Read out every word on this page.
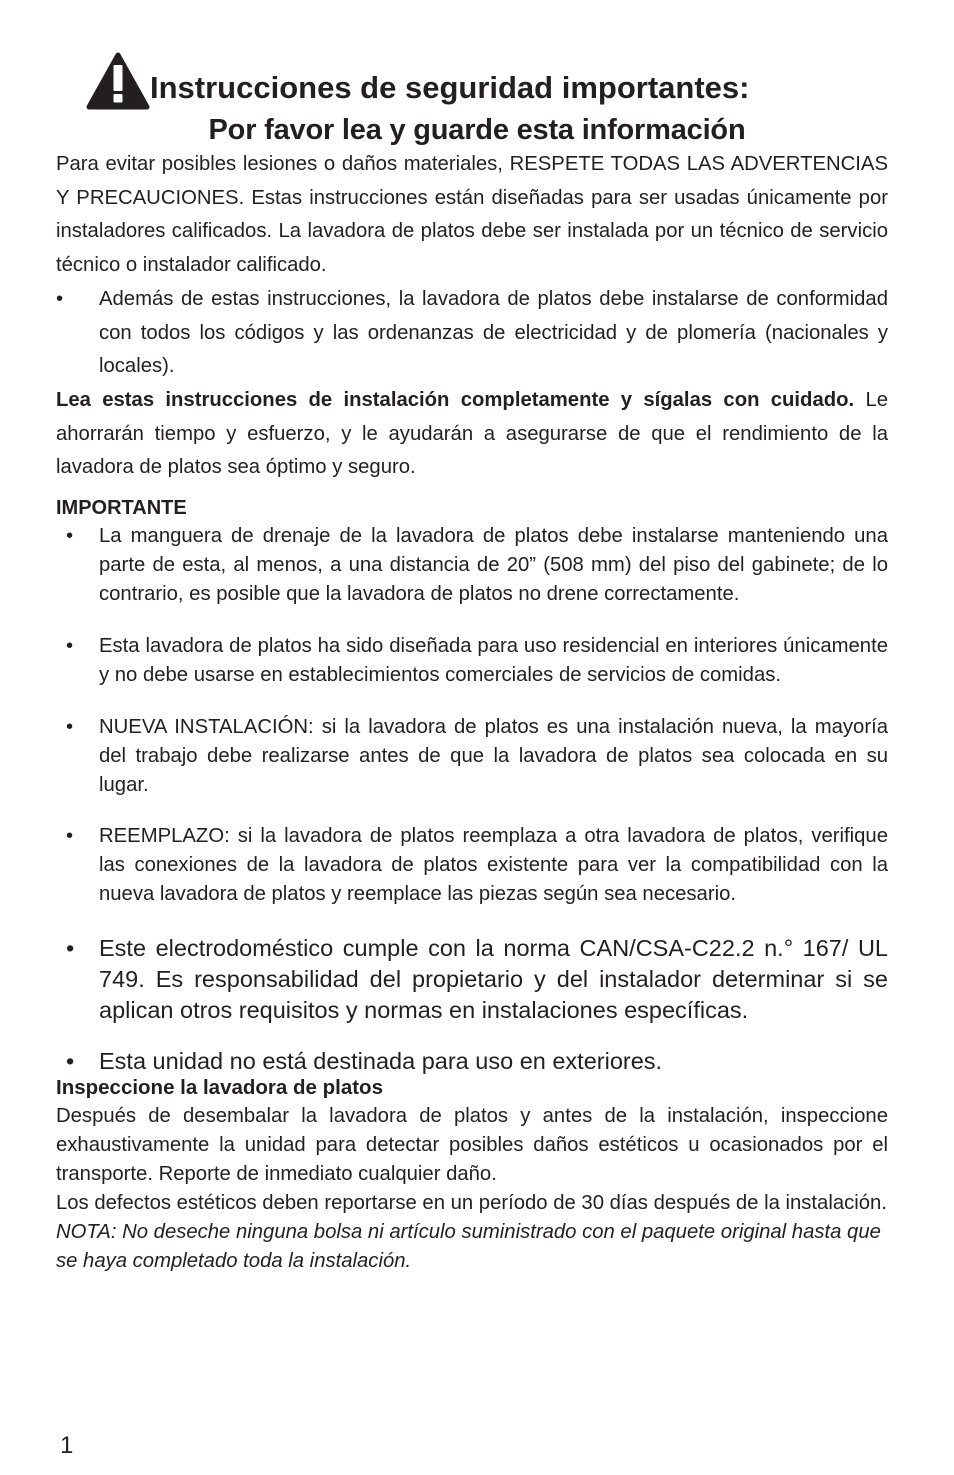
Instrucciones de seguridad importantes:
Por favor lea y guarde esta información

Para evitar posibles lesiones o daños materiales, RESPETE TODAS LAS ADVERTENCIAS Y PRECAUCIONES. Estas instrucciones están diseñadas para ser usadas únicamente por instaladores calificados. La lavadora de platos debe ser instalada por un técnico de servicio técnico o instalador calificado.

• Además de estas instrucciones, la lavadora de platos debe instalarse de conformidad con todos los códigos y las ordenanzas de electricidad y de plomería (nacionales y locales).

Lea estas instrucciones de instalación completamente y sígalas con cuidado. Le ahorrarán tiempo y esfuerzo, y le ayudarán a asegurarse de que el rendimiento de la lavadora de platos sea óptimo y seguro.

IMPORTANTE
• La manguera de drenaje de la lavadora de platos debe instalarse manteniendo una parte de esta, al menos, a una distancia de 20” (508 mm) del piso del gabinete; de lo contrario, es posible que la lavadora de platos no drene correctamente.
• Esta lavadora de platos ha sido diseñada para uso residencial en interiores únicamente y no debe usarse en establecimientos comerciales de servicios de comidas.
• NUEVA INSTALACIÓN: si la lavadora de platos es una instalación nueva, la mayoría del trabajo debe realizarse antes de que la lavadora de platos sea colocada en su lugar.
• REEMPLAZO: si la lavadora de platos reemplaza a otra lavadora de platos, verifique las conexiones de la lavadora de platos existente para ver la compatibilidad con la nueva lavadora de platos y reemplace las piezas según sea necesario.
• Este electrodoméstico cumple con la norma CAN/CSA-C22.2 n.° 167/ UL 749. Es responsabilidad del propietario y del instalador determinar si se aplican otros requisitos y normas en instalaciones específicas.
• Esta unidad no está destinada para uso en exteriores.
Inspeccione la lavadora de platos

Después de desembalar la lavadora de platos y antes de la instalación, inspeccione exhaustivamente la unidad para detectar posibles daños estéticos u ocasionados por el transporte. Reporte de inmediato cualquier daño.

Los defectos estéticos deben reportarse en un período de 30 días después de la instalación.

NOTA: No deseche ninguna bolsa ni artículo suministrado con el paquete original hasta que se haya completado toda la instalación.

1
